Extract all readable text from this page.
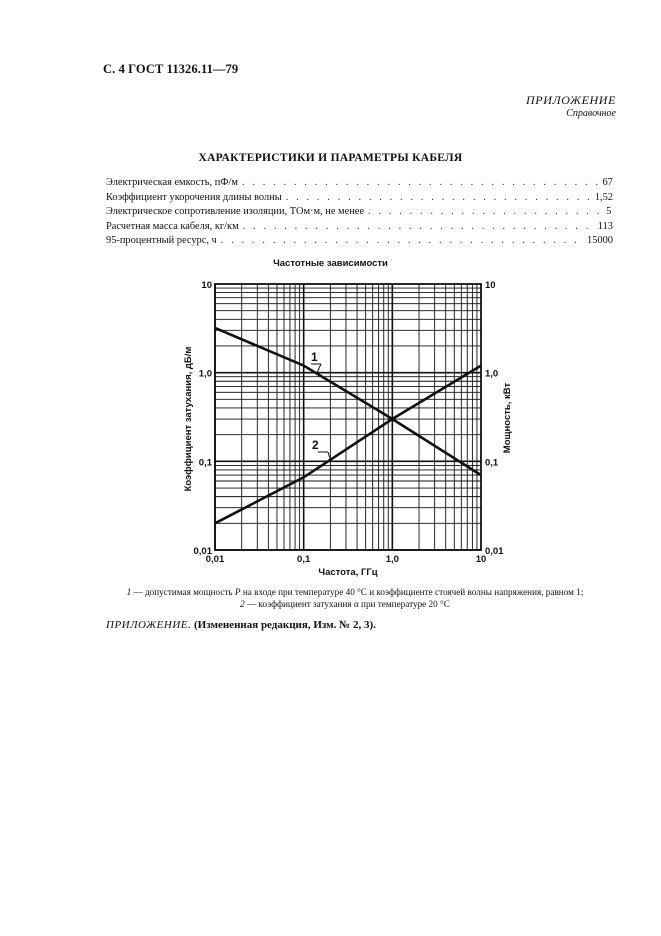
С. 4 ГОСТ 11326.11—79
ПРИЛОЖЕНИЕ
Справочное
ХАРАКТЕРИСТИКИ И ПАРАМЕТРЫ КАБЕЛЯ
Электрическая емкость, пФ/м . . .	67
Коэффициент укорочения длины волны . . .	1,52
Электрическое сопротивление изоляции, ТОм·м, не менее . . .	5
Расчетная масса кабеля, кг/км . . .	113
95-процентный ресурс, ч . . .	15000
Частотные зависимости
0,01	0,1	1,0	10
0,01	0,01
0,1	0,1
1,0	1,0
10	10
Частота, ГГц
Коэффициент затухания, дБ/м	Мощность, кВт
1
2
1 — допустимая мощность P на входе при температуре 40 °С и коэффициенте стоячей волны напряжения, равном 1;
2 — коэффициент затухания α при температуре 20 °С
ПРИЛОЖЕНИЕ. (Измененная редакция, Изм. № 2, 3).
